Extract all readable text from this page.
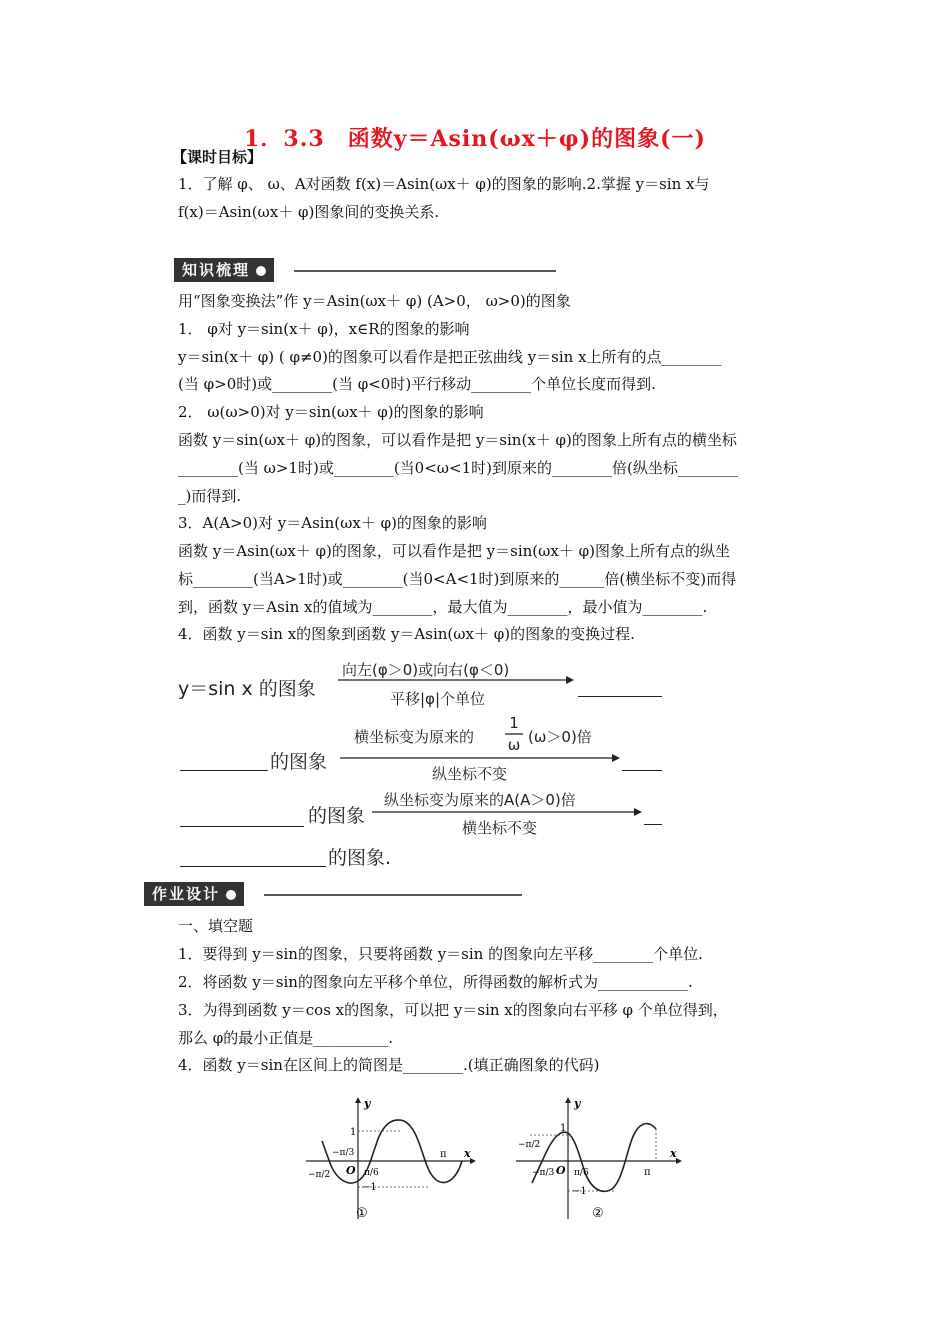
1．3.3　函数y＝Asin(ωx＋φ)的图象(一)
【课时目标】
1．了解 φ、 ω、A对函数 f(x)＝Asin(ωx＋ φ)的图象的影响.2.掌握 y＝sin x与
f(x)＝Asin(ωx＋ φ)图象间的变换关系.
知识梳理
用“图象变换法”作 y＝Asin(ωx＋ φ) (A>0， ω>0)的图象
1． φ对 y＝sin(x＋ φ)，x∈R的图象的影响
y＝sin(x＋ φ) ( φ≠0)的图象可以看作是把正弦曲线 y＝sin x上所有的点________
(当 φ>0时)或________(当 φ<0时)平行移动________个单位长度而得到.
2． ω(ω>0)对 y＝sin(ωx＋ φ)的图象的影响
函数 y＝sin(ωx＋ φ)的图象，可以看作是把 y＝sin(x＋ φ)的图象上所有点的横坐标
________(当 ω>1时)或________(当0<ω<1时)到原来的________倍(纵坐标________
_)而得到.
3．A(A>0)对 y＝Asin(ωx＋ φ)的图象的影响
函数 y＝Asin(ωx＋ φ)的图象，可以看作是把 y＝sin(ωx＋ φ)图象上所有点的纵坐
标________(当A>1时)或________(当0<A<1时)到原来的______倍(横坐标不变)而得
到，函数 y＝Asin x的值域为________，最大值为________，最小值为________.
4．函数 y＝sin x的图象到函数 y＝Asin(ωx＋ φ)的图象的变换过程.
y＝sin x 的图象
向左(φ＞0)或向右(φ＜0)
平移|φ|个单位
的图象
横坐标变为原来的
1
ω (ω＞0)倍
纵坐标不变
的图象
纵坐标变为原来的A(A＞0)倍
横坐标不变
的图象.
作业设计
一、填空题
1．要得到 y＝sin的图象，只要将函数 y＝sin 的图象向左平移________个单位.
2．将函数 y＝sin的图象向左平移个单位，所得函数的解析式为____________.
3．为得到函数 y＝cos x的图象，可以把 y＝sin x的图象向右平移 φ 个单位得到，
那么 φ的最小正值是__________.
4．函数 y＝sin在区间上的简图是________.(填正确图象的代码)
y
x
O
1
−1
π
−π/3
−π/2	π/6
①
y
x
O
1
−1
π
−π/2
−π/3 π/6
②
